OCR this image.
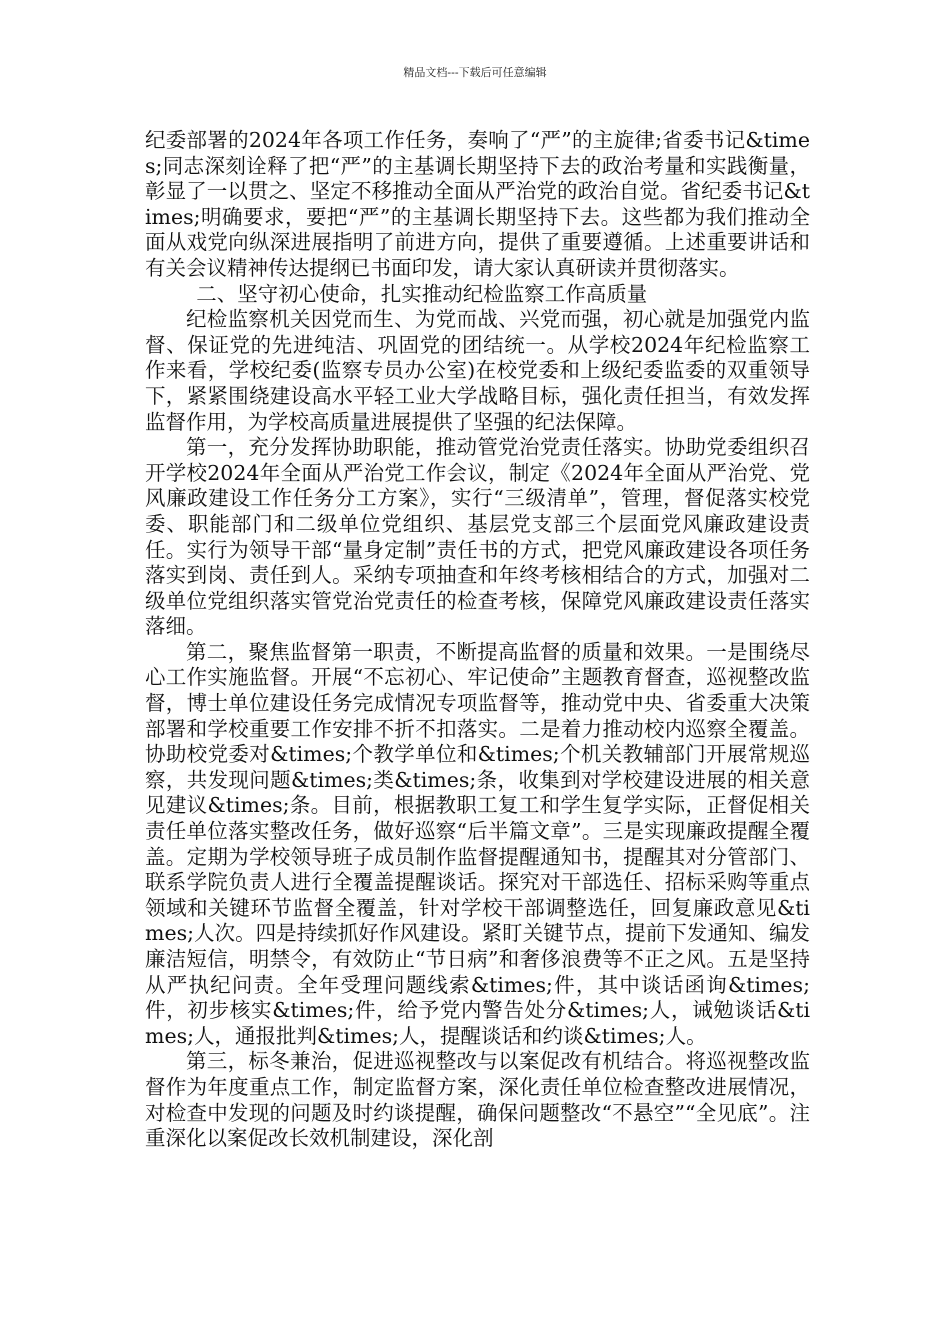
精品文档---下载后可任意编辑

纪委部署的2024年各项工作任务，奏响了“严”的主旋律;省委书记&times;同志深刻诠释了把“严”的主基调长期坚持下去的政治考量和实践衡量，彰显了一以贯之、坚定不移推动全面从严治党的政治自觉。省纪委书记&times;明确要求，要把“严”的主基调长期坚持下去。这些都为我们推动全面从戏党向纵深进展指明了前进方向，提供了重要遵循。上述重要讲话和有关会议精神传达提纲已书面印发，请大家认真研读并贯彻落实。

二、坚守初心使命，扎实推动纪检监察工作高质量

纪检监察机关因党而生、为党而战、兴党而强，初心就是加强党内监督、保证党的先进纯洁、巩固党的团结统一。从学校2024年纪检监察工作来看，学校纪委(监察专员办公室)在校党委和上级纪委监委的双重领导下，紧紧围绕建设高水平轻工业大学战略目标，强化责任担当，有效发挥监督作用，为学校高质量进展提供了坚强的纪法保障。

第一，充分发挥协助职能，推动管党治党责任落实。协助党委组织召开学校2024年全面从严治党工作会议，制定《2024年全面从严治党、党风廉政建设工作任务分工方案》，实行“三级清单”，管理，督促落实校党委、职能部门和二级单位党组织、基层党支部三个层面党风廉政建设责任。实行为领导干部“量身定制”责任书的方式，把党风廉政建设各项任务落实到岗、责任到人。采纳专项抽查和年终考核相结合的方式，加强对二级单位党组织落实管党治党责任的检查考核，保障党风廉政建设责任落实落细。

第二，聚焦监督第一职责，不断提高监督的质量和效果。一是围绕尽心工作实施监督。开展“不忘初心、牢记使命”主题教育督查，巡视整改监督，博士单位建设任务完成情况专项监督等，推动党中央、省委重大决策部署和学校重要工作安排不折不扣落实。二是着力推动校内巡察全覆盖。协助校党委对&times;个教学单位和&times;个机关教辅部门开展常规巡察，共发现问题&times;类&times;条，收集到对学校建设进展的相关意见建议&times;条。目前，根据教职工复工和学生复学实际，正督促相关责任单位落实整改任务，做好巡察“后半篇文章”。三是实现廉政提醒全覆盖。定期为学校领导班子成员制作监督提醒通知书，提醒其对分管部门、联系学院负责人进行全覆盖提醒谈话。探究对干部选任、招标采购等重点领域和关键环节监督全覆盖，针对学校干部调整选任，回复廉政意见&times;人次。四是持续抓好作风建设。紧盯关键节点，提前下发通知、编发廉洁短信，明禁令，有效防止“节日病”和奢侈浪费等不正之风。五是坚持从严执纪问责。全年受理问题线索&times;件，其中谈话函询&times;件，初步核实&times;件，给予党内警告处分&times;人，诫勉谈话&times;人，通报批判&times;人，提醒谈话和约谈&times;人。

第三，标冬兼治，促进巡视整改与以案促改有机结合。将巡视整改监督作为年度重点工作，制定监督方案，深化责任单位检查整改进展情况，对检查中发现的问题及时约谈提醒，确保问题整改“不悬空”“全见底”。注重深化以案促改长效机制建设，深化剖
